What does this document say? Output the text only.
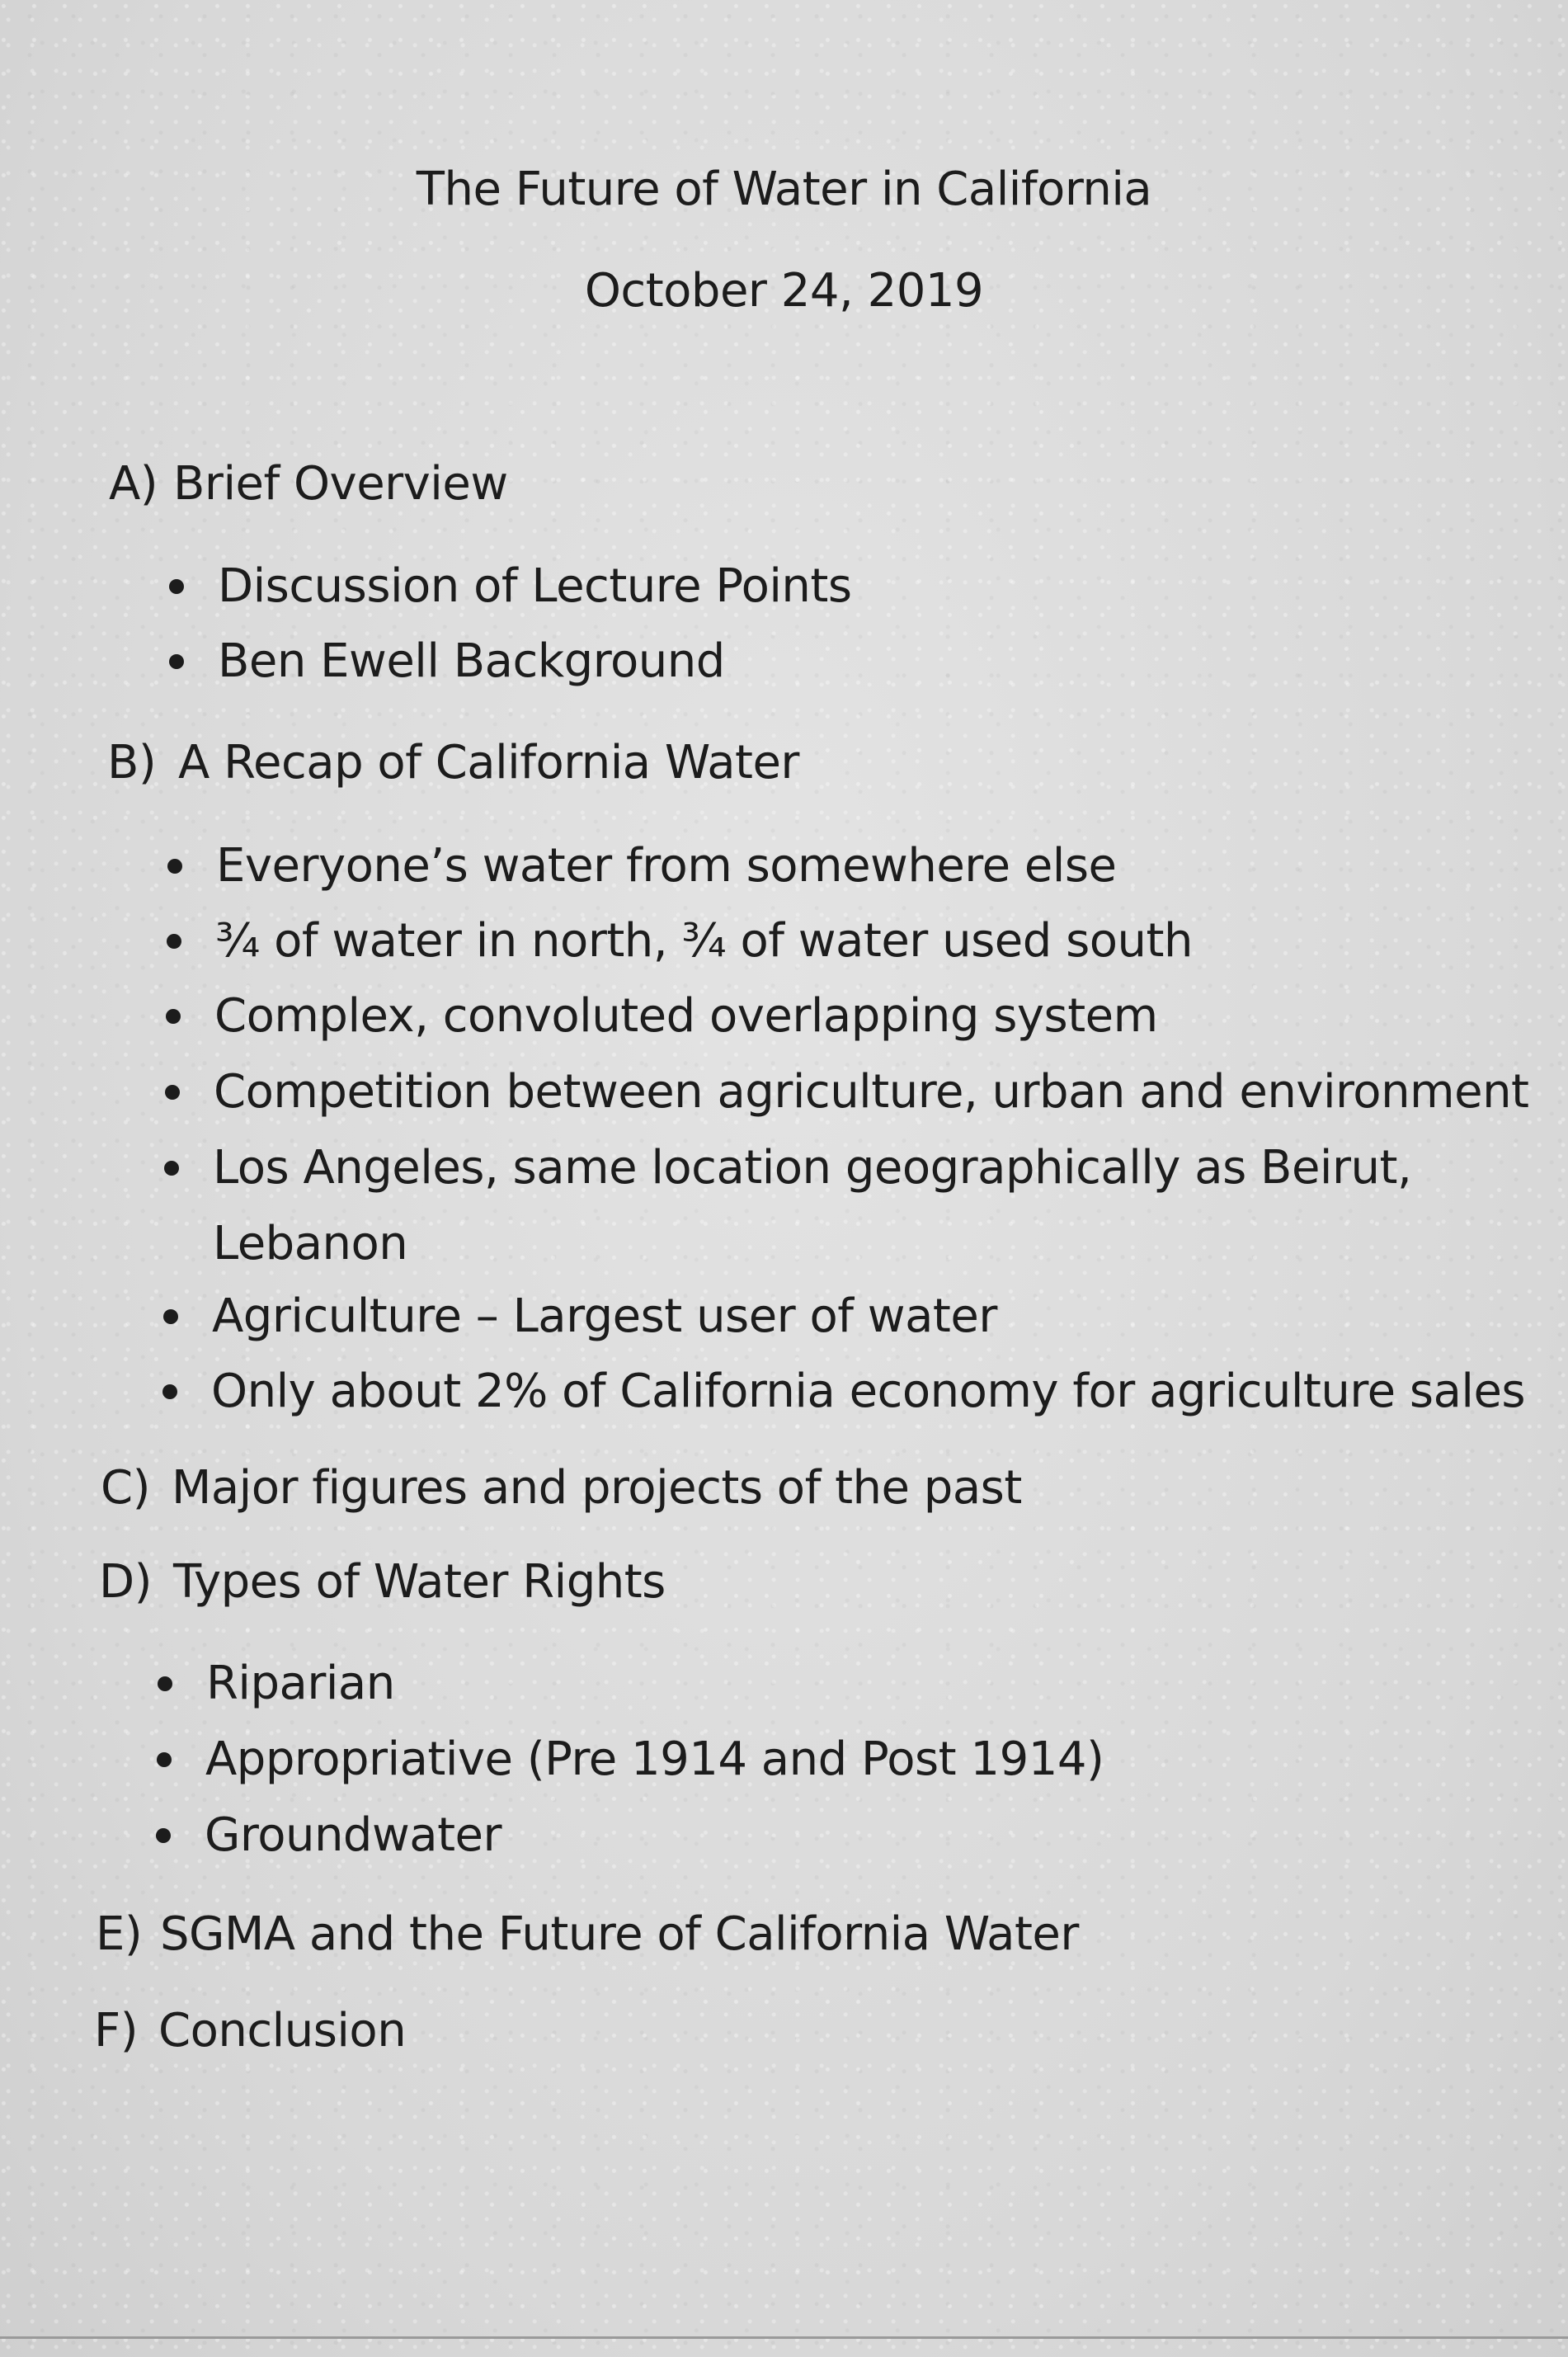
The Future of Water in California
October 24, 2019
A) Brief Overview
Discussion of Lecture Points
Ben Ewell Background
B) A Recap of California Water
Everyone’s water from somewhere else
¾ of water in north, ¾ of water used south
Complex, convoluted overlapping system
Competition between agriculture, urban and environment
Los Angeles, same location geographically as Beirut,
Lebanon
Agriculture – Largest user of water
Only about 2% of California economy for agriculture sales
C) Major figures and projects of the past
D) Types of Water Rights
Riparian
Appropriative (Pre 1914 and Post 1914)
Groundwater
E) SGMA and the Future of California Water
F) Conclusion
